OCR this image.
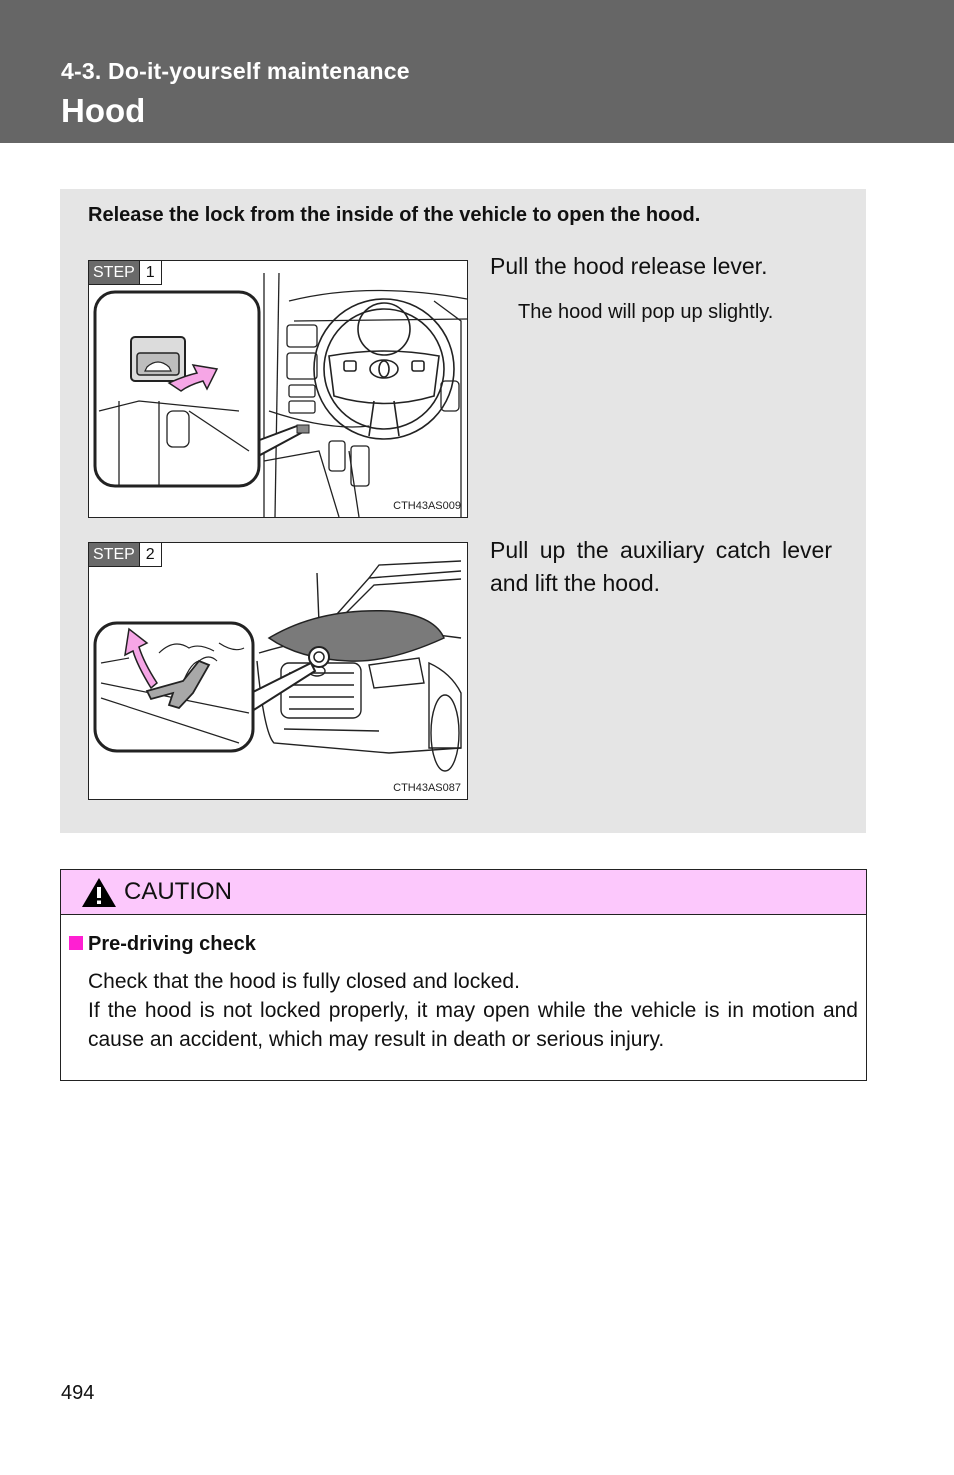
4-3. Do-it-yourself maintenance
Hood
Release the lock from the inside of the vehicle to open the hood.
STEP 1
CTH43AS009
Pull the hood release lever.
The hood will pop up slightly.
STEP 2
CTH43AS087
Pull up the auxiliary catch lever and lift the hood.
CAUTION
Pre-driving check

Check that the hood is fully closed and locked.

If the hood is not locked properly, it may open while the vehicle is in motion and cause an accident, which may result in death or serious injury.

494
